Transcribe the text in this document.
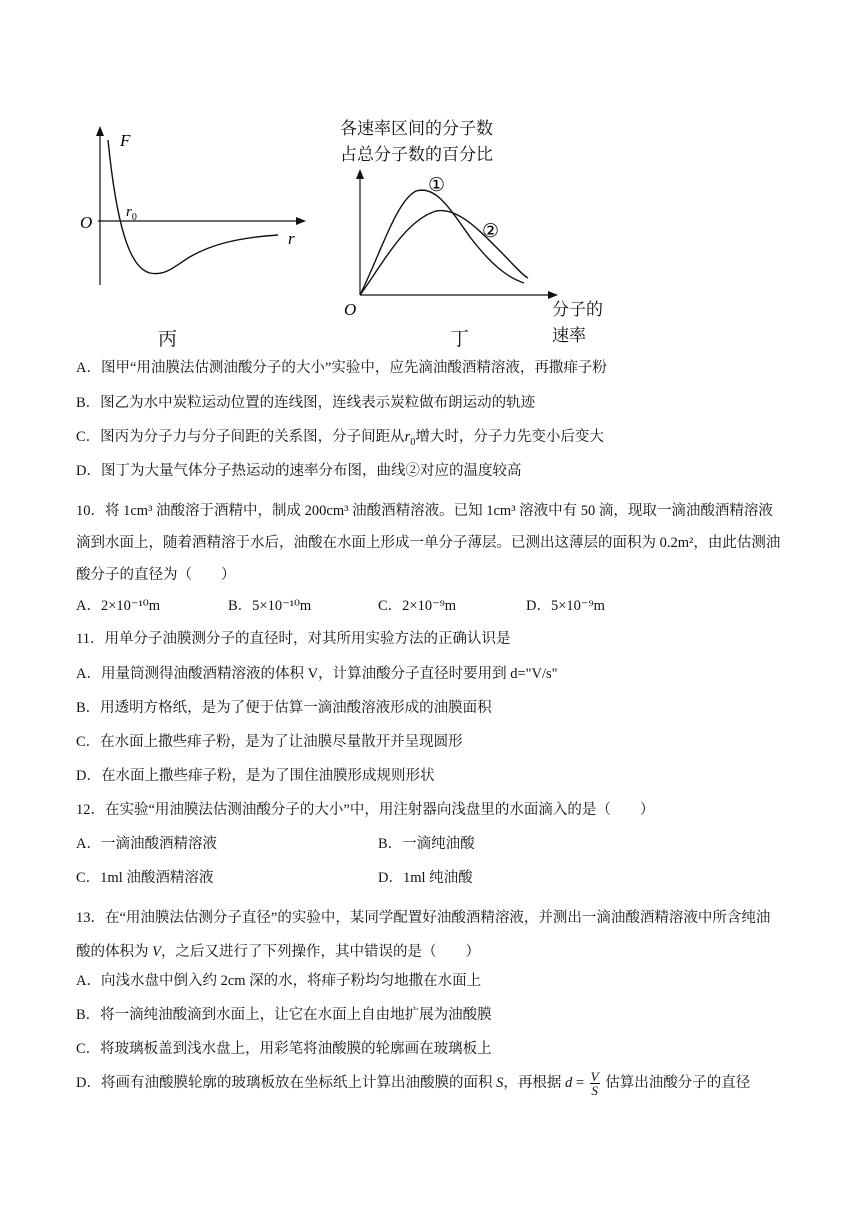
F
O
$r_0$
r
丙
各速率区间的分子数
占总分子数的百分比
①
②
O	分子的
速率
丁
A．图甲“用油膜法估测油酸分子的大小”实验中，应先滴油酸酒精溶液，再撒痱子粉
B．图乙为水中炭粒运动位置的连线图，连线表示炭粒做布朗运动的轨迹
C．图丙为分子力与分子间距的关系图，分子间距从$r_0$增大时，分子力先变小后变大
D．图丁为大量气体分子热运动的速率分布图，曲线②对应的温度较高
10．将 1cm³ 油酸溶于酒精中，制成 200cm³ 油酸酒精溶液。已知 1cm³ 溶液中有 50 滴，现取一滴油酸酒精溶液滴到水面上，随着酒精溶于水后，油酸在水面上形成一单分子薄层。已测出这薄层的面积为 0.2m²，由此估测油酸分子的直径为（　　）
A．2×10⁻¹⁰m	B．5×10⁻¹⁰m	C．2×10⁻⁹m	D．5×10⁻⁹m
11．用单分子油膜测分子的直径时，对其所用实验方法的正确认识是
A．用量筒测得油酸酒精溶液的体积 V，计算油酸分子直径时要用到 d="V/s"
B．用透明方格纸，是为了便于估算一滴油酸溶液形成的油膜面积
C．在水面上撒些痱子粉，是为了让油膜尽量散开并呈现圆形
D．在水面上撒些痱子粉，是为了围住油膜形成规则形状
12．在实验“用油膜法估测油酸分子的大小”中，用注射器向浅盘里的水面滴入的是（　　）
A．一滴油酸酒精溶液	B．一滴纯油酸
C．1ml 油酸酒精溶液	D．1ml 纯油酸
13．在“用油膜法估测分子直径”的实验中，某同学配置好油酸酒精溶液，并测出一滴油酸酒精溶液中所含纯油酸的体积为 V，之后又进行了下列操作，其中错误的是（　　）
A．向浅水盘中倒入约 2cm 深的水，将痱子粉均匀地撒在水面上
B．将一滴纯油酸滴到水面上，让它在水面上自由地扩展为油酸膜
C．将玻璃板盖到浅水盘上，用彩笔将油酸膜的轮廓画在玻璃板上
D．将画有油酸膜轮廓的玻璃板放在坐标纸上计算出油酸膜的面积 S，再根据 $d = \frac{V}{S}$ 估算出油酸分子的直径
